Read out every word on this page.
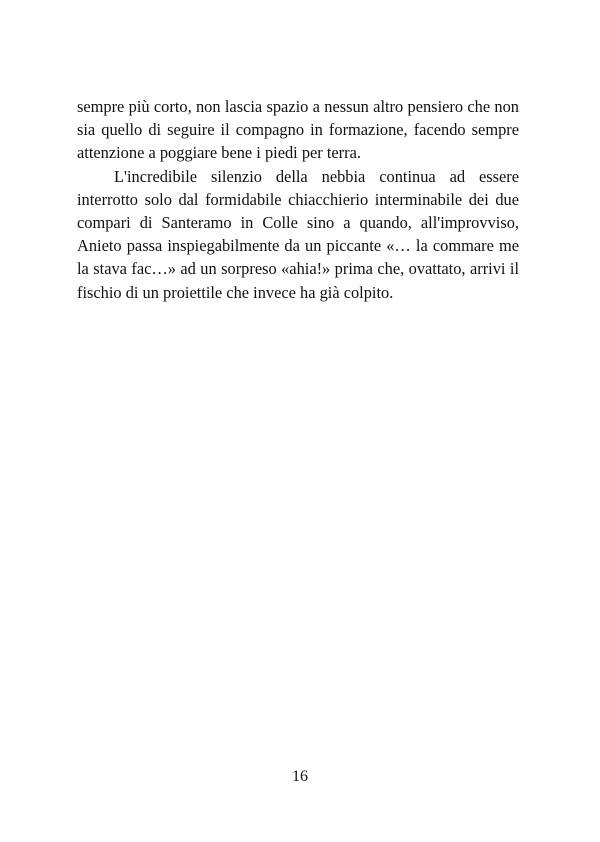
sempre più corto, non lascia spazio a nessun altro pensiero che non
sia quello di seguire il compagno in formazione, facendo sempre
attenzione a poggiare bene i piedi per terra.
L'incredibile silenzio della nebbia continua ad essere
interrotto solo dal formidabile chiacchierio interminabile dei due
compari di Santeramo in Colle sino a quando, all'improvviso,
Anieto passa inspiegabilmente da un piccante «… la commare me
la stava fac…» ad un sorpreso «ahia!» prima che, ovattato, arrivi il
fischio di un proiettile che invece ha già colpito.
16
